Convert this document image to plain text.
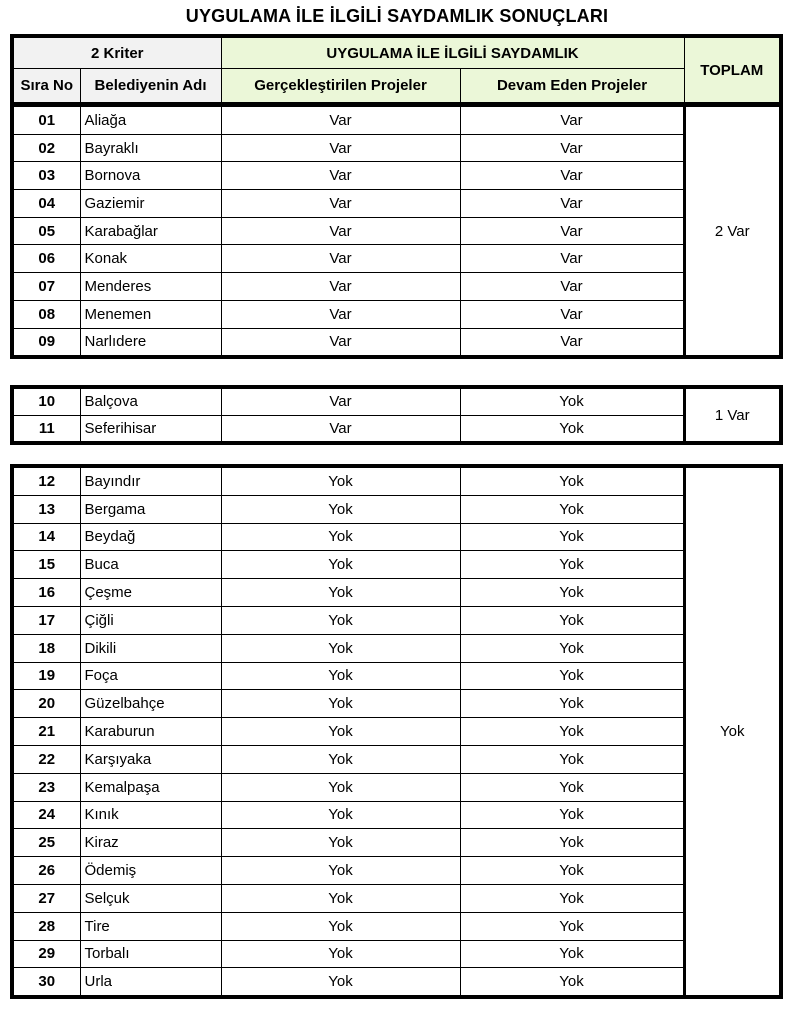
UYGULAMA İLE İLGİLİ SAYDAMLIK SONUÇLARI
2 Kriter		UYGULAMA İLE İLGİLİ SAYDAMLIK		TOPLAM
Sıra No	Belediyenin Adı	Gerçekleştirilen Projeler	Devam Eden Projeler	
01	Aliağa	Var	Var	2 Var
02	Bayraklı	Var	Var	
03	Bornova	Var	Var	
04	Gaziemir	Var	Var	
05	Karabağlar	Var	Var	
06	Konak	Var	Var	
07	Menderes	Var	Var	
08	Menemen	Var	Var	
09	Narlıdere	Var	Var	
10	Balçova	Var	Yok	1 Var
11	Seferihisar	Var	Yok	
12	Bayındır	Yok	Yok	Yok
13	Bergama	Yok	Yok	
14	Beydağ	Yok	Yok	
15	Buca	Yok	Yok	
16	Çeşme	Yok	Yok	
17	Çiğli	Yok	Yok	
18	Dikili	Yok	Yok	
19	Foça	Yok	Yok	
20	Güzelbahçe	Yok	Yok	
21	Karaburun	Yok	Yok	
22	Karşıyaka	Yok	Yok	
23	Kemalpaşa	Yok	Yok	
24	Kınık	Yok	Yok	
25	Kiraz	Yok	Yok	
26	Ödemiş	Yok	Yok	
27	Selçuk	Yok	Yok	
28	Tire	Yok	Yok	
29	Torbalı	Yok	Yok	
30	Urla	Yok	Yok	
